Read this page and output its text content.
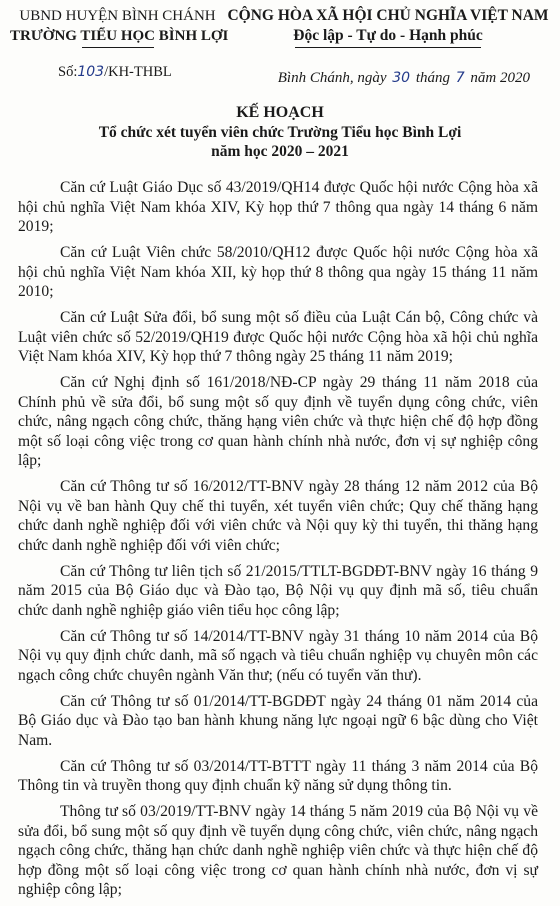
UBND HUYỆN BÌNH CHÁNH
TRƯỜNG TIỂU HỌC BÌNH LỢI
CỘNG HÒA XÃ HỘI CHỦ NGHĨA VIỆT NAM
Độc lập - Tự do - Hạnh phúc
Số:103/KH-THBL	Bình Chánh, ngày 30 tháng 7 năm 2020
KẾ HOẠCH
Tổ chức xét tuyển viên chức Trường Tiểu học Bình Lợi
năm học 2020 – 2021

Căn cứ Luật Giáo Dục số 43/2019/QH14 được Quốc hội nước Cộng hòa xã hội chủ nghĩa Việt Nam khóa XIV, Kỳ họp thứ 7 thông qua ngày 14 tháng 6 năm 2019;

Căn cứ Luật Viên chức 58/2010/QH12 được Quốc hội nước Cộng hòa xã hội chủ nghĩa Việt Nam khóa XII, kỳ họp thứ 8 thông qua ngày 15 tháng 11 năm 2010;

Căn cứ Luật Sửa đổi, bổ sung một số điều của Luật Cán bộ, Công chức và Luật viên chức số 52/2019/QH19 được Quốc hội nước Cộng hòa xã hội chủ nghĩa Việt Nam khóa XIV, Kỳ họp thứ 7 thông ngày 25 tháng 11 năm 2019;

Căn cứ Nghị định số 161/2018/NĐ-CP ngày 29 tháng 11 năm 2018 của Chính phủ về sửa đổi, bổ sung một số quy định về tuyển dụng công chức, viên chức, nâng ngạch công chức, thăng hạng viên chức và thực hiện chế độ hợp đồng một số loại công việc trong cơ quan hành chính nhà nước, đơn vị sự nghiệp công lập;

Căn cứ Thông tư số 16/2012/TT-BNV ngày 28 tháng 12 năm 2012 của Bộ Nội vụ về ban hành Quy chế thi tuyển, xét tuyển viên chức; Quy chế thăng hạng chức danh nghề nghiệp đối với viên chức và Nội quy kỳ thi tuyển, thi thăng hạng chức danh nghề nghiệp đối với viên chức;

Căn cứ Thông tư liên tịch số 21/2015/TTLT-BGDĐT-BNV ngày 16 tháng 9 năm 2015 của Bộ Giáo dục và Đào tạo, Bộ Nội vụ quy định mã số, tiêu chuẩn chức danh nghề nghiệp giáo viên tiểu học công lập;

Căn cứ Thông tư số 14/2014/TT-BNV ngày 31 tháng 10 năm 2014 của Bộ Nội vụ quy định chức danh, mã số ngạch và tiêu chuẩn nghiệp vụ chuyên môn các ngạch công chức chuyên ngành Văn thư; (nếu có tuyển văn thư).

Căn cứ Thông tư số 01/2014/TT-BGDĐT ngày 24 tháng 01 năm 2014 của Bộ Giáo dục và Đào tạo ban hành khung năng lực ngoại ngữ 6 bậc dùng cho Việt Nam.

Căn cứ Thông tư số 03/2014/TT-BTTT ngày 11 tháng 3 năm 2014 của Bộ Thông tin và truyền thong quy định chuẩn kỹ năng sử dụng thông tin.

Thông tư số 03/2019/TT-BNV ngày 14 tháng 5 năm 2019 của Bộ Nội vụ về sửa đổi, bổ sung một số quy định về tuyển dụng công chức, viên chức, nâng ngạch ngạch công chức, thăng hạn chức danh nghề nghiệp viên chức và thực hiện chế độ hợp đồng một số loại công việc trong cơ quan hành chính nhà nước, đơn vị sự nghiệp công lập;
